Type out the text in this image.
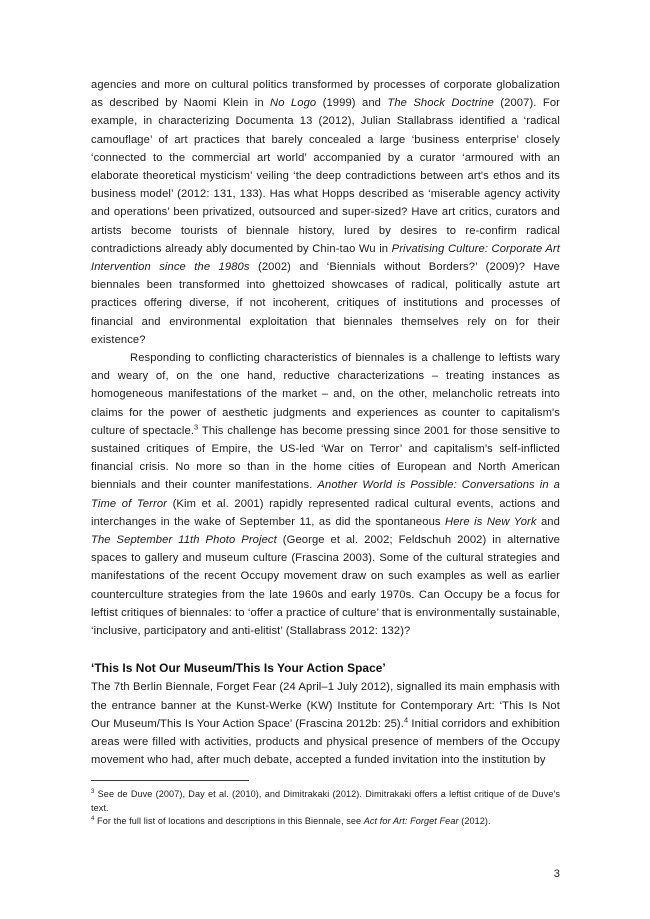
agencies and more on cultural politics transformed by processes of corporate globalization as described by Naomi Klein in No Logo (1999) and The Shock Doctrine (2007). For example, in characterizing Documenta 13 (2012), Julian Stallabrass identified a ‘radical camouflage’ of art practices that barely concealed a large ‘business enterprise’ closely ‘connected to the commercial art world’ accompanied by a curator ‘armoured with an elaborate theoretical mysticism’ veiling ‘the deep contradictions between art's ethos and its business model’ (2012: 131, 133). Has what Hopps described as ‘miserable agency activity and operations’ been privatized, outsourced and super-sized? Have art critics, curators and artists become tourists of biennale history, lured by desires to re-confirm radical contradictions already ably documented by Chin-tao Wu in Privatising Culture: Corporate Art Intervention since the 1980s (2002) and ‘Biennials without Borders?’ (2009)? Have biennales been transformed into ghettoized showcases of radical, politically astute art practices offering diverse, if not incoherent, critiques of institutions and processes of financial and environmental exploitation that biennales themselves rely on for their existence?

Responding to conflicting characteristics of biennales is a challenge to leftists wary and weary of, on the one hand, reductive characterizations – treating instances as homogeneous manifestations of the market – and, on the other, melancholic retreats into claims for the power of aesthetic judgments and experiences as counter to capitalism's culture of spectacle.$^3$ This challenge has become pressing since 2001 for those sensitive to sustained critiques of Empire, the US-led ‘War on Terror’ and capitalism’s self-inflicted financial crisis. No more so than in the home cities of European and North American biennials and their counter manifestations. Another World is Possible: Conversations in a Time of Terror (Kim et al. 2001) rapidly represented radical cultural events, actions and interchanges in the wake of September 11, as did the spontaneous Here is New York and The September 11th Photo Project (George et al. 2002; Feldschuh 2002) in alternative spaces to gallery and museum culture (Frascina 2003). Some of the cultural strategies and manifestations of the recent Occupy movement draw on such examples as well as earlier counterculture strategies from the late 1960s and early 1970s. Can Occupy be a focus for leftist critiques of biennales: to ‘offer a practice of culture’ that is environmentally sustainable, ‘inclusive, participatory and anti-elitist’ (Stallabrass 2012: 132)?

‘This Is Not Our Museum/This Is Your Action Space’

The 7th Berlin Biennale, Forget Fear (24 April–1 July 2012), signalled its main emphasis with the entrance banner at the Kunst-Werke (KW) Institute for Contemporary Art: ‘This Is Not Our Museum/This Is Your Action Space’ (Frascina 2012b: 25).$^4$ Initial corridors and exhibition areas were filled with activities, products and physical presence of members of the Occupy movement who had, after much debate, accepted a funded invitation into the institution by

$^3$ See de Duve (2007), Day et al. (2010), and Dimitrakaki (2012). Dimitrakaki offers a leftist critique of de Duve's text.

$^4$ For the full list of locations and descriptions in this Biennale, see Act for Art: Forget Fear (2012).

3
